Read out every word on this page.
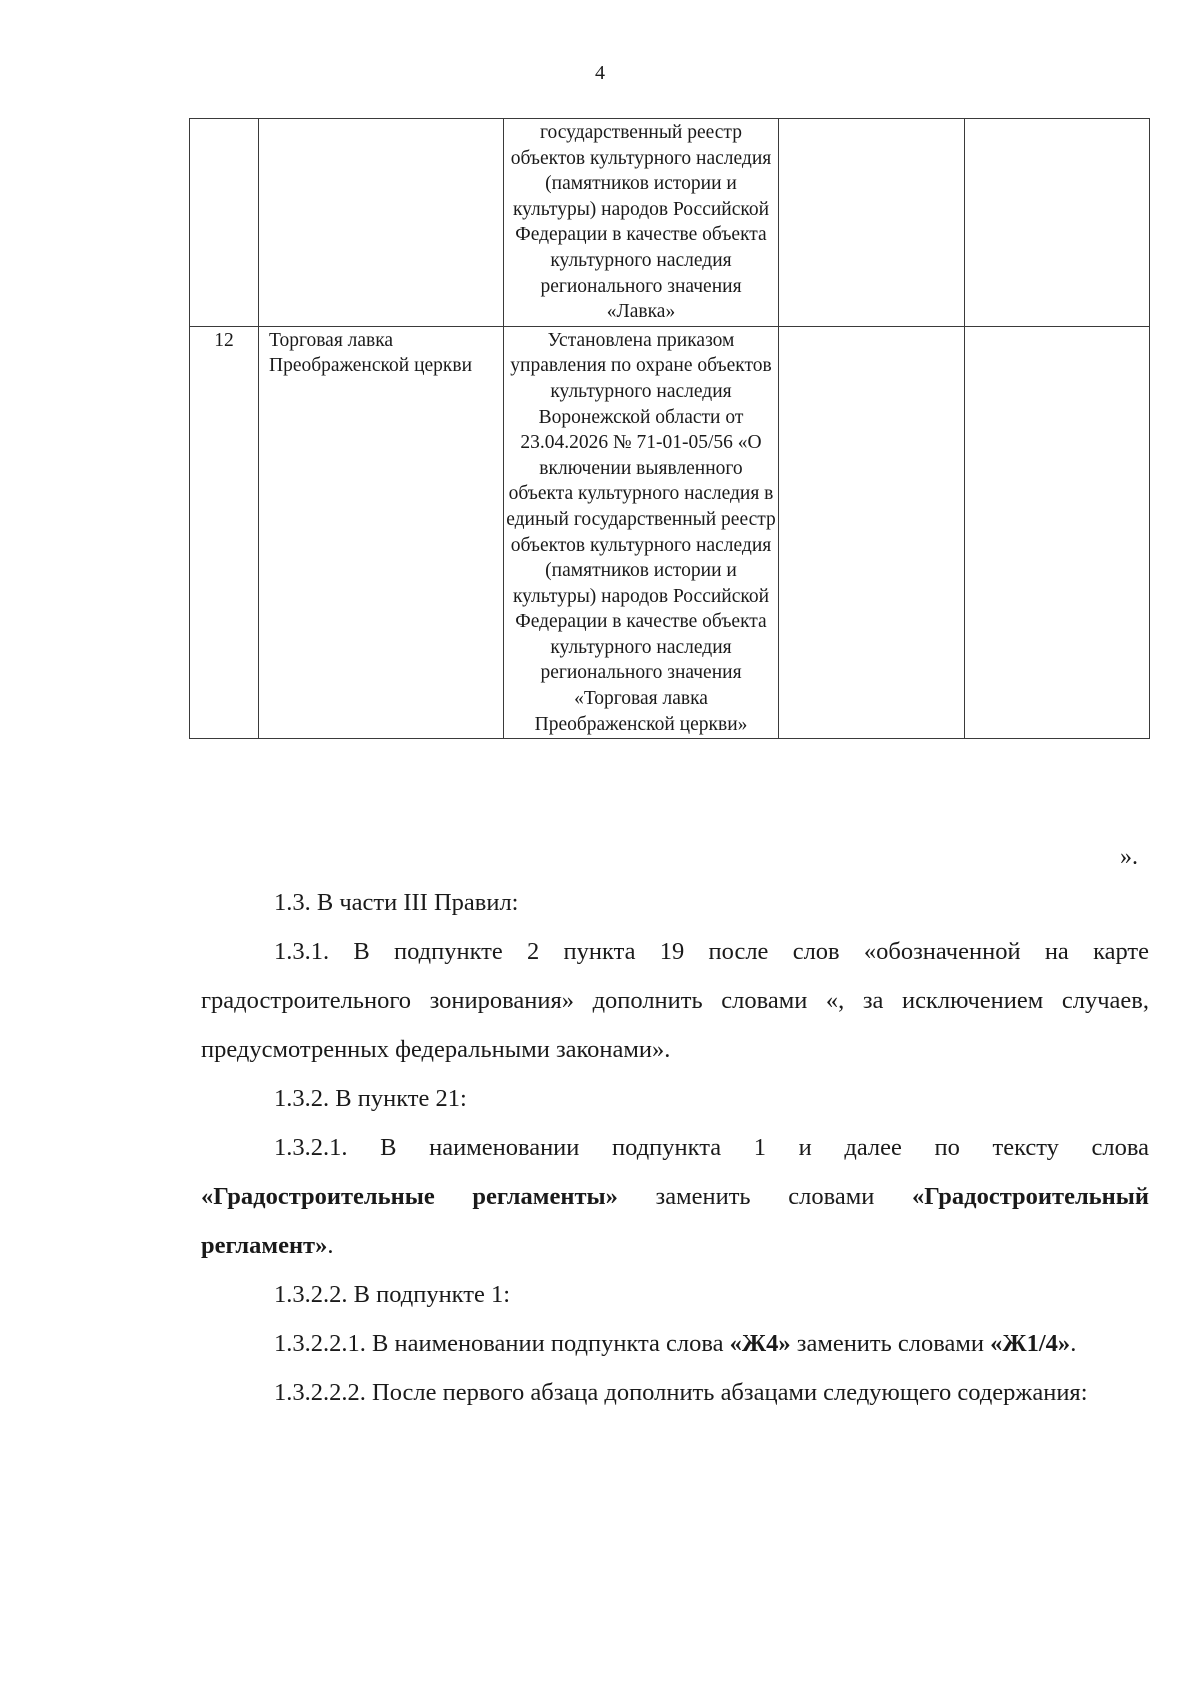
4
		государственный реестр объектов культурного наследия (памятников истории и культуры) народов Российской Федерации в качестве объекта культурного наследия регионального значения «Лавка»		
12	Торговая лавка Преображенской церкви	Установлена приказом управления по охране объектов культурного наследия Воронежской области от 23.04.2026 № 71-01-05/56 «О включении выявленного объекта культурного наследия в единый государственный реестр объектов культурного наследия (памятников истории и культуры) народов Российской Федерации в качестве объекта культурного наследия регионального значения «Торговая лавка Преображенской церкви»		
».

1.3. В части III Правил:

1.3.1. В подпункте 2 пункта 19 после слов «обозначенной на карте градостроительного зонирования» дополнить словами «, за исключением случаев, предусмотренных федеральными законами».

1.3.2. В пункте 21:

1.3.2.1. В наименовании подпункта 1 и далее по тексту слова «Градостроительные регламенты» заменить словами «Градостроительный регламент».

1.3.2.2. В подпункте 1:

1.3.2.2.1. В наименовании подпункта слова «Ж4» заменить словами «Ж1/4».

1.3.2.2.2. После первого абзаца дополнить абзацами следующего содержания:
